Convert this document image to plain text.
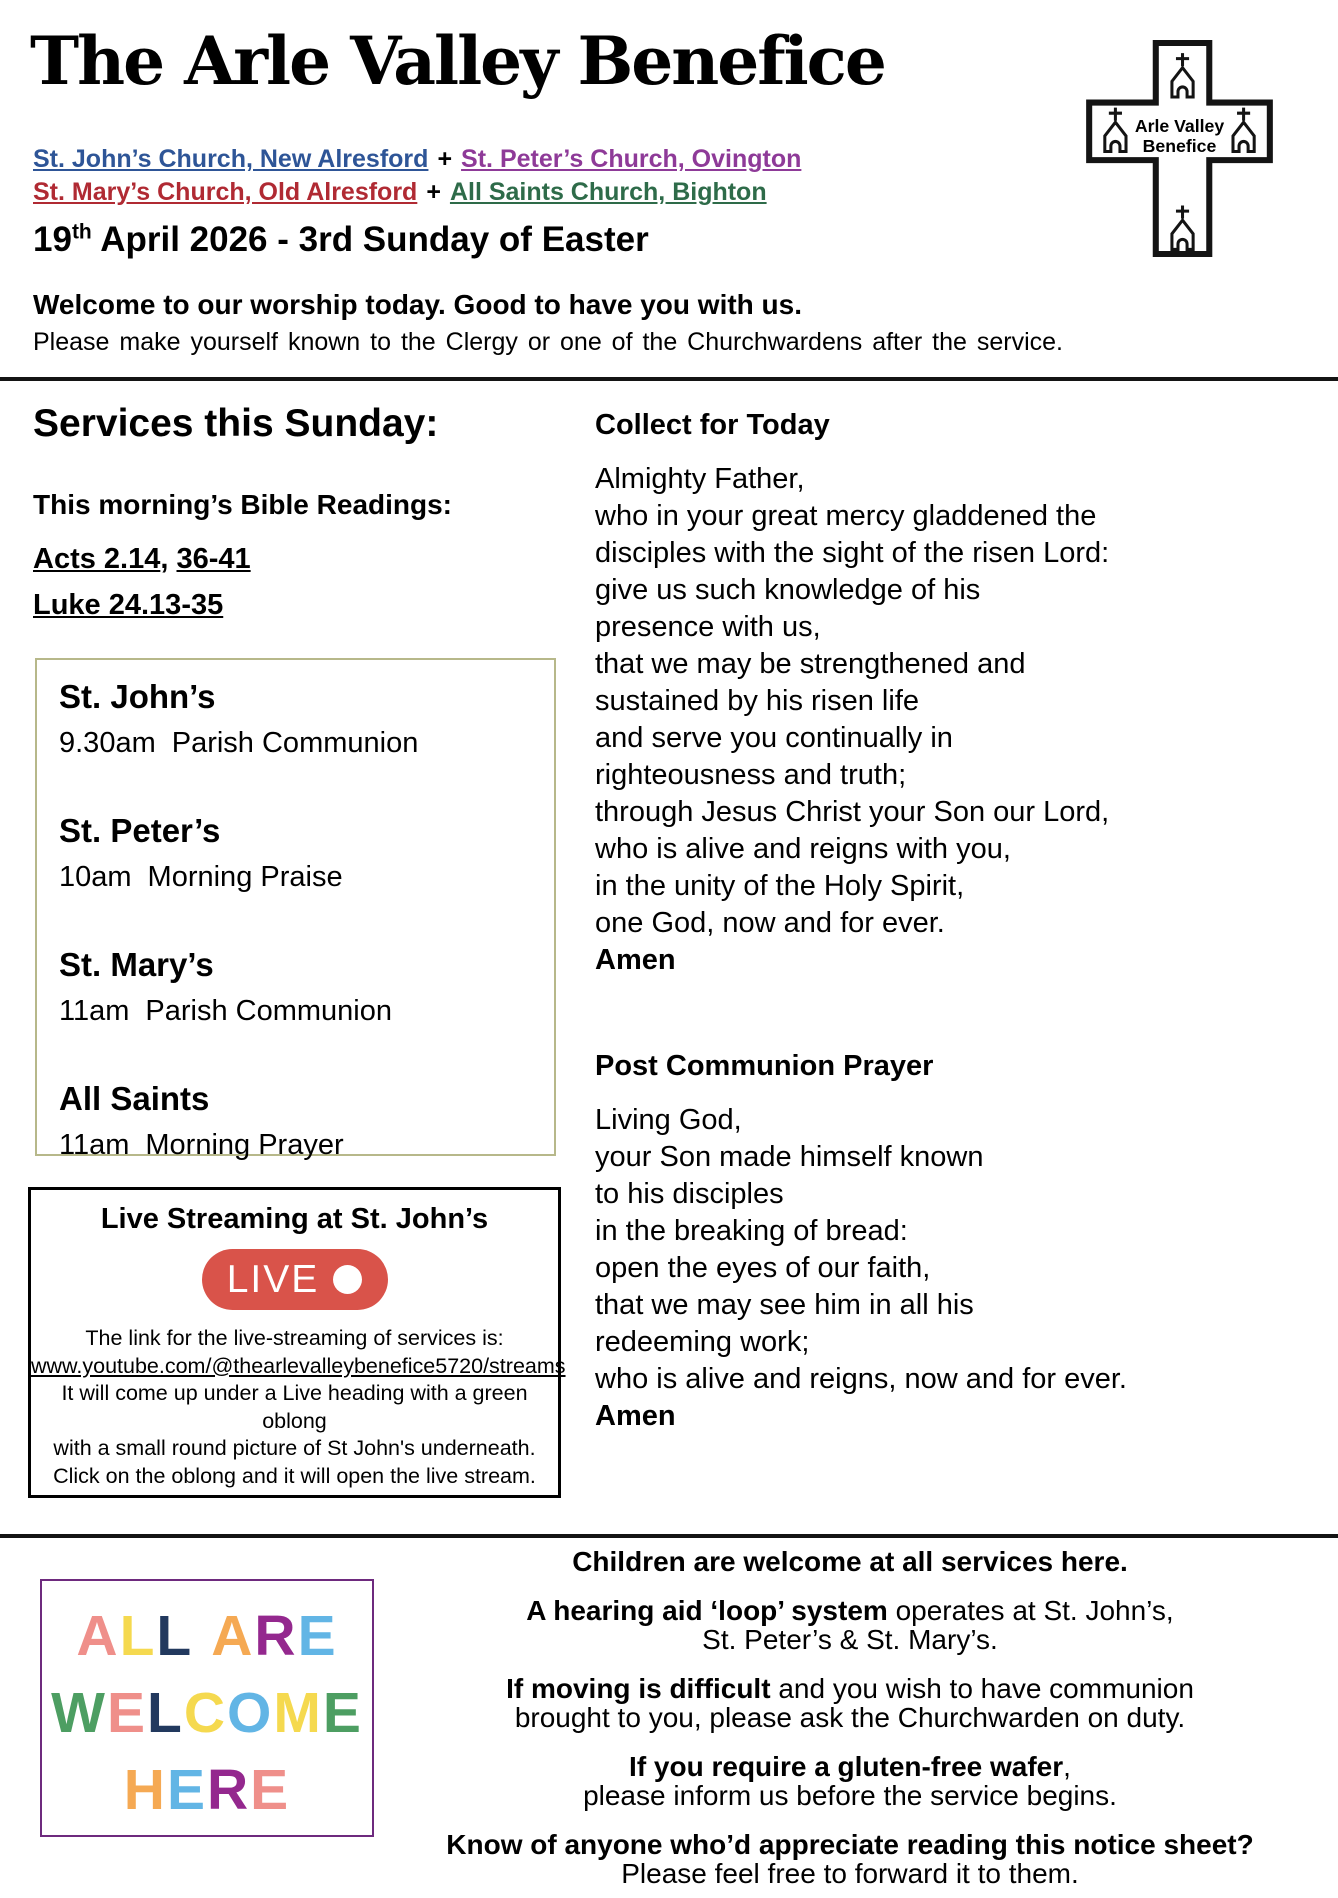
The Arle Valley Benefice
Arle Valley
Benefice
St. John’s Church, New Alresford + St. Peter’s Church, Ovington
St. Mary’s Church, Old Alresford + All Saints Church, Bighton
19th April 2026 - 3rd Sunday of Easter
Welcome to our worship today. Good to have you with us.
Please make yourself known to the Clergy or one of the Churchwardens after the service.
Services this Sunday:
This morning’s Bible Readings:
Acts 2.14, 36-41
Luke 24.13-35
St. John’s
9.30am Parish Communion
St. Peter’s
10am Morning Praise
St. Mary’s
11am Parish Communion
All Saints
11am Morning Prayer
Live Streaming at St. John’s
LIVE
The link for the live-streaming of services is:
www.youtube.com/@thearlevalleybenefice5720/streams
It will come up under a Live heading with a green oblong
with a small round picture of St John's underneath.
Click on the oblong and it will open the live stream.
Collect for Today
Almighty Father,
who in your great mercy gladdened the
disciples with the sight of the risen Lord:
give us such knowledge of his
presence with us,
that we may be strengthened and
sustained by his risen life
and serve you continually in
righteousness and truth;
through Jesus Christ your Son our Lord,
who is alive and reigns with you,
in the unity of the Holy Spirit,
one God, now and for ever.
Amen
Post Communion Prayer
Living God,
your Son made himself known
to his disciples
in the breaking of bread:
open the eyes of our faith,
that we may see him in all his
redeeming work;
who is alive and reigns, now and for ever.
Amen
ALL ARE
WELCOME
HERE

Children are welcome at all services here.

A hearing aid ‘loop’ system operates at St. John’s,
St. Peter’s & St. Mary’s.

If moving is difficult and you wish to have communion
brought to you, please ask the Churchwarden on duty.

If you require a gluten-free wafer,
please inform us before the service begins.

Know of anyone who’d appreciate reading this notice sheet?
Please feel free to forward it to them.
